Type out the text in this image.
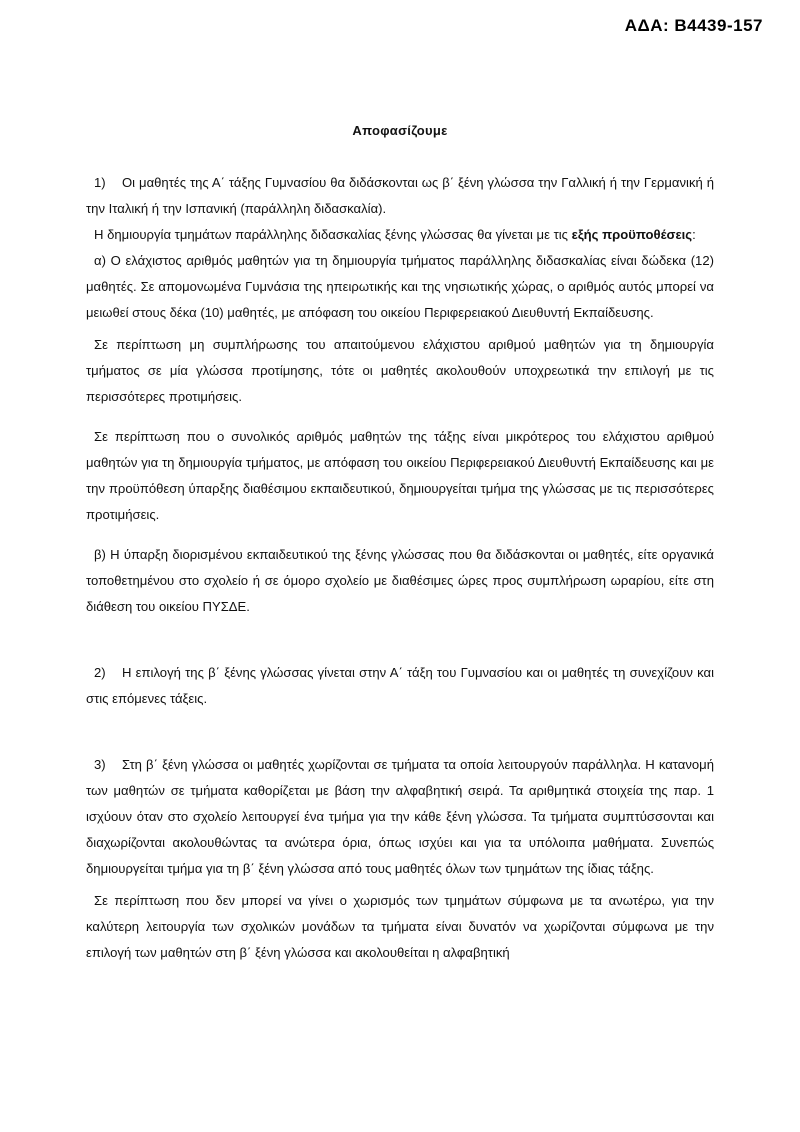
ΑΔΑ: Β4439-157
Αποφασίζουμε

1) Οι μαθητές της Α΄ τάξης Γυμνασίου θα διδάσκονται ως β΄ ξένη γλώσσα την Γαλλική ή την Γερμανική ή την Ιταλική ή την Ισπανική (παράλληλη διδασκαλία).

Η δημιουργία τμημάτων παράλληλης διδασκαλίας ξένης γλώσσας θα γίνεται με τις εξής προϋποθέσεις:

α) Ο ελάχιστος αριθμός μαθητών για τη δημιουργία τμήματος παράλληλης διδασκαλίας είναι δώδεκα (12) μαθητές. Σε απομονωμένα Γυμνάσια της ηπειρωτικής και της νησιωτικής χώρας, ο αριθμός αυτός μπορεί να μειωθεί στους δέκα (10) μαθητές, με απόφαση του οικείου Περιφερειακού Διευθυντή Εκπαίδευσης.

Σε περίπτωση μη συμπλήρωσης του απαιτούμενου ελάχιστου αριθμού μαθητών για τη δημιουργία τμήματος σε μία γλώσσα προτίμησης, τότε οι μαθητές ακολουθούν υποχρεωτικά την επιλογή με τις περισσότερες προτιμήσεις.

Σε περίπτωση που ο συνολικός αριθμός μαθητών της τάξης είναι μικρότερος του ελάχιστου αριθμού μαθητών για τη δημιουργία τμήματος, με απόφαση του οικείου Περιφερειακού Διευθυντή Εκπαίδευσης και με την προϋπόθεση ύπαρξης διαθέσιμου εκπαιδευτικού, δημιουργείται τμήμα της γλώσσας με τις περισσότερες προτιμήσεις.

β) Η ύπαρξη διορισμένου εκπαιδευτικού της ξένης γλώσσας που θα διδάσκονται οι μαθητές, είτε οργανικά τοποθετημένου στο σχολείο ή σε όμορο σχολείο με διαθέσιμες ώρες προς συμπλήρωση ωραρίου, είτε στη διάθεση του οικείου ΠΥΣΔΕ.

2) Η επιλογή της β΄ ξένης γλώσσας γίνεται στην Α΄ τάξη του Γυμνασίου και οι μαθητές τη συνεχίζουν και στις επόμενες τάξεις.

3) Στη β΄ ξένη γλώσσα οι μαθητές χωρίζονται σε τμήματα τα οποία λειτουργούν παράλληλα. Η κατανομή των μαθητών σε τμήματα καθορίζεται με βάση την αλφαβητική σειρά. Τα αριθμητικά στοιχεία της παρ. 1 ισχύουν όταν στο σχολείο λειτουργεί ένα τμήμα για την κάθε ξένη γλώσσα. Τα τμήματα συμπτύσσονται και διαχωρίζονται ακολουθώντας τα ανώτερα όρια, όπως ισχύει και για τα υπόλοιπα μαθήματα. Συνεπώς δημιουργείται τμήμα για τη β΄ ξένη γλώσσα από τους μαθητές όλων των τμημάτων της ίδιας τάξης.

Σε περίπτωση που δεν μπορεί να γίνει ο χωρισμός των τμημάτων σύμφωνα με τα ανωτέρω, για την καλύτερη λειτουργία των σχολικών μονάδων τα τμήματα είναι δυνατόν να χωρίζονται σύμφωνα με την επιλογή των μαθητών στη β΄ ξένη γλώσσα και ακολουθείται η αλφαβητική
